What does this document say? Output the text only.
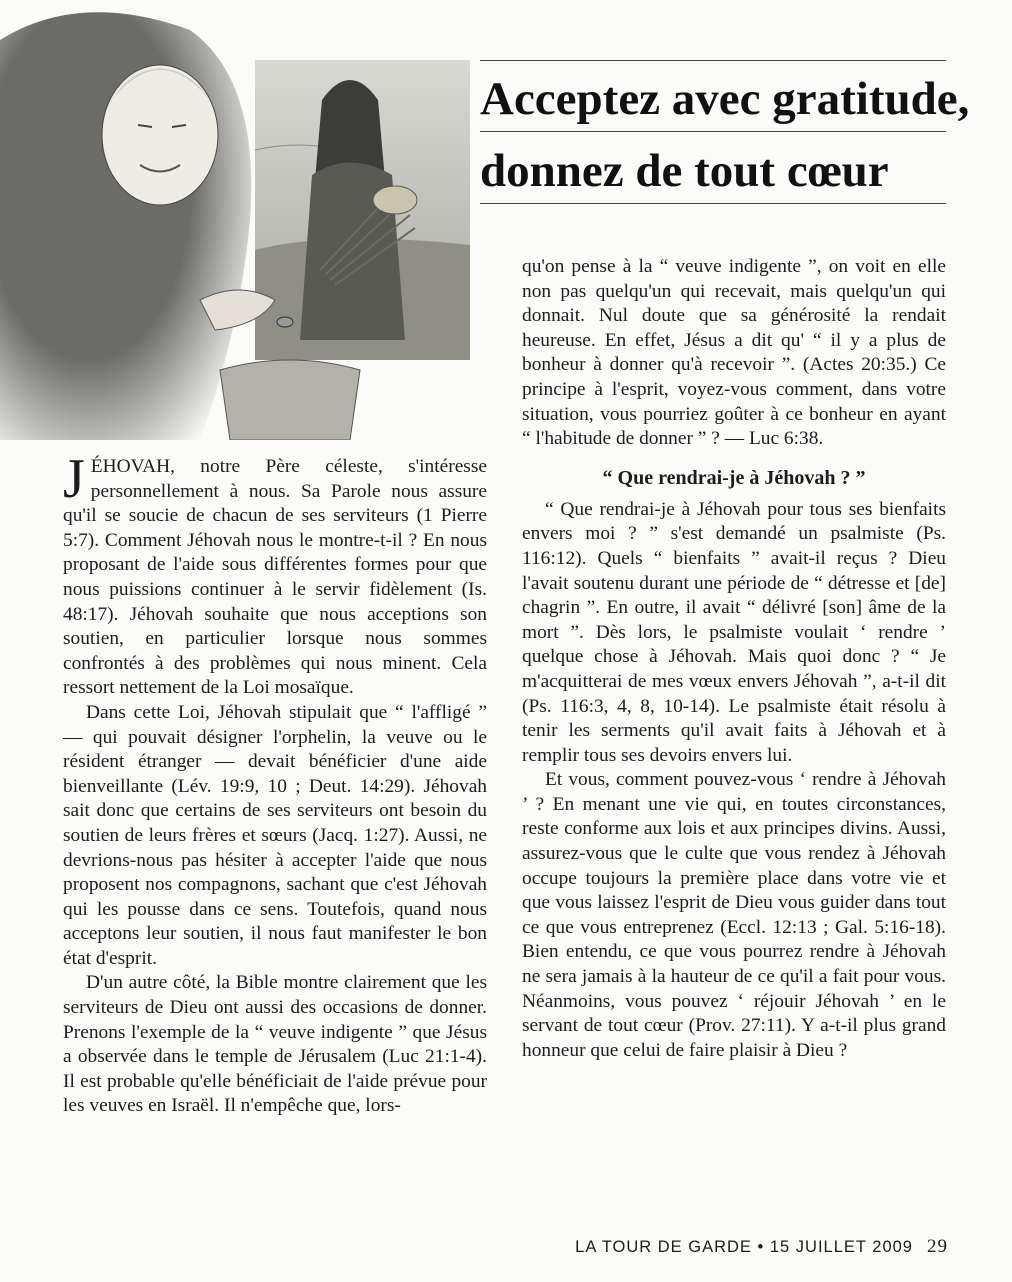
Acceptez avec gratitude,
donnez de tout cœur

JÉHOVAH, notre Père céleste, s'intéresse personnellement à nous. Sa Parole nous assure qu'il se soucie de chacun de ses serviteurs (1 Pierre 5:7). Comment Jéhovah nous le montre-t-il ? En nous proposant de l'aide sous différentes formes pour que nous puissions continuer à le servir fidèlement (Is. 48:17). Jéhovah souhaite que nous acceptions son soutien, en particulier lorsque nous sommes confrontés à des problèmes qui nous minent. Cela ressort nettement de la Loi mosaïque.

Dans cette Loi, Jéhovah stipulait que “ l'affligé ” — qui pouvait désigner l'orphelin, la veuve ou le résident étranger — devait bénéficier d'une aide bienveillante (Lév. 19:9, 10 ; Deut. 14:29). Jéhovah sait donc que certains de ses serviteurs ont besoin du soutien de leurs frères et sœurs (Jacq. 1:27). Aussi, ne devrions-nous pas hésiter à accepter l'aide que nous proposent nos compagnons, sachant que c'est Jéhovah qui les pousse dans ce sens. Toutefois, quand nous acceptons leur soutien, il nous faut manifester le bon état d'esprit.

D'un autre côté, la Bible montre clairement que les serviteurs de Dieu ont aussi des occasions de donner. Prenons l'exemple de la “ veuve indigente ” que Jésus a observée dans le temple de Jérusalem (Luc 21:1-4). Il est probable qu'elle bénéficiait de l'aide prévue pour les veuves en Israël. Il n'empêche que, lors-

qu'on pense à la “ veuve indigente ”, on voit en elle non pas quelqu'un qui recevait, mais quelqu'un qui donnait. Nul doute que sa générosité la rendait heureuse. En effet, Jésus a dit qu' “ il y a plus de bonheur à donner qu'à recevoir ”. (Actes 20:35.) Ce principe à l'esprit, voyez-vous comment, dans votre situation, vous pourriez goûter à ce bonheur en ayant “ l'habitude de donner ” ? — Luc 6:38.

“ Que rendrai-je à Jéhovah ? ”

“ Que rendrai-je à Jéhovah pour tous ses bienfaits envers moi ? ” s'est demandé un psalmiste (Ps. 116:12). Quels “ bienfaits ” avait-il reçus ? Dieu l'avait soutenu durant une période de “ détresse et [de] chagrin ”. En outre, il avait “ délivré [son] âme de la mort ”. Dès lors, le psalmiste voulait ‘ rendre ’ quelque chose à Jéhovah. Mais quoi donc ? “ Je m'acquitterai de mes vœux envers Jéhovah ”, a-t-il dit (Ps. 116:3, 4, 8, 10-14). Le psalmiste était résolu à tenir les serments qu'il avait faits à Jéhovah et à remplir tous ses devoirs envers lui.

Et vous, comment pouvez-vous ‘ rendre à Jéhovah ’ ? En menant une vie qui, en toutes circonstances, reste conforme aux lois et aux principes divins. Aussi, assurez-vous que le culte que vous rendez à Jéhovah occupe toujours la première place dans votre vie et que vous laissez l'esprit de Dieu vous guider dans tout ce que vous entreprenez (Eccl. 12:13 ; Gal. 5:16-18). Bien entendu, ce que vous pourrez rendre à Jéhovah ne sera jamais à la hauteur de ce qu'il a fait pour vous. Néanmoins, vous pouvez ‘ réjouir Jéhovah ’ en le servant de tout cœur (Prov. 27:11). Y a-t-il plus grand honneur que celui de faire plaisir à Dieu ?

LA TOUR DE GARDE • 15 JUILLET 2009 29
